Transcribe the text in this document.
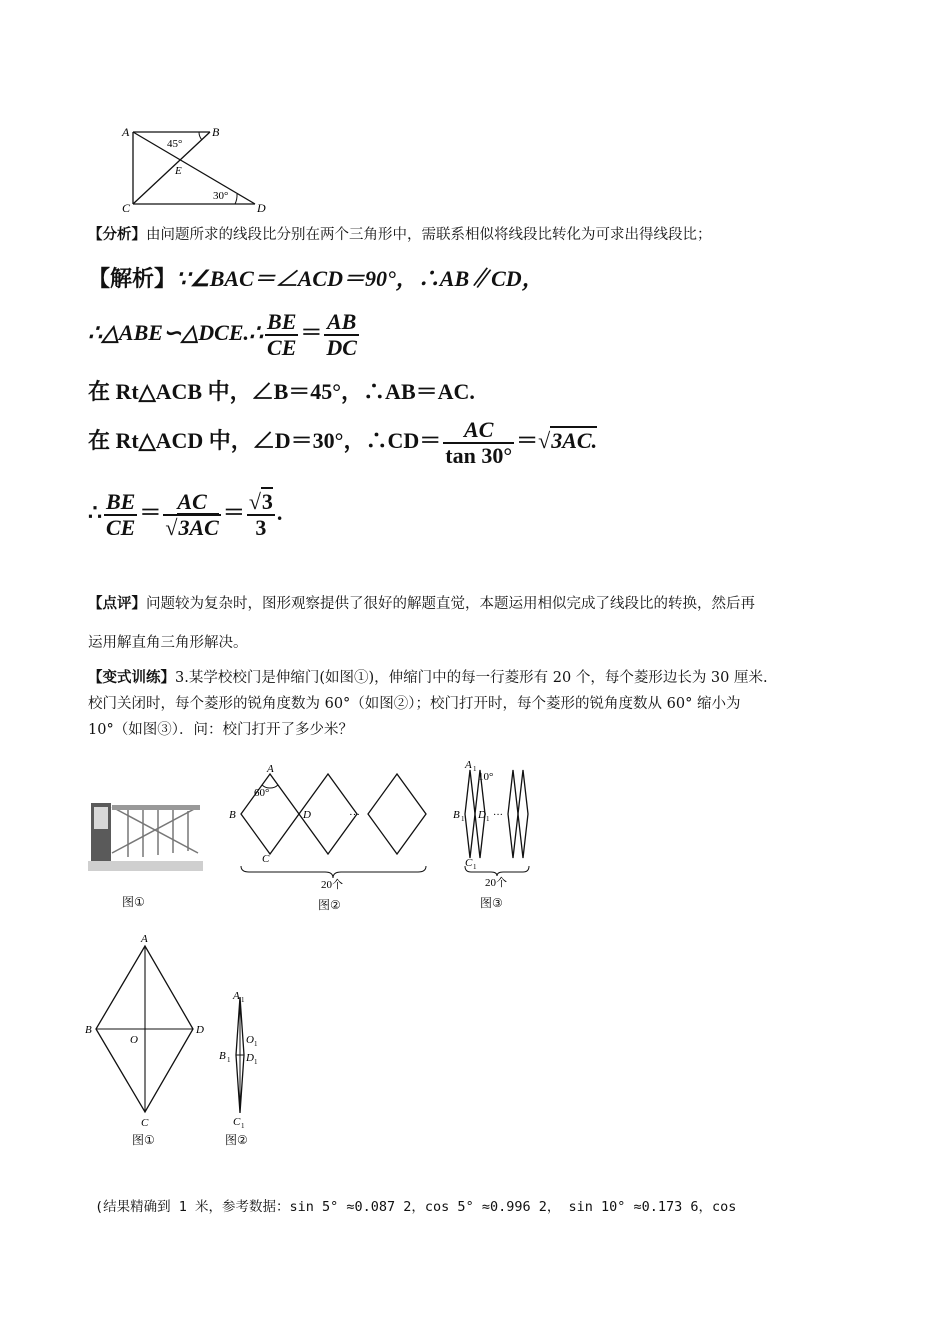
A	B
C	D
E
45°
30°
【分析】由问题所求的线段比分别在两个三角形中，需联系相似将线段比转化为可求出得线段比；
【解析】∵∠BAC＝∠ACD＝90°，∴AB∥CD，
∴△ABE∽△DCE.∴ $\frac{BE}{CE} = \frac{AB}{DC}$
在 Rt△ACB 中，∠B＝45°，∴AB＝AC.
在 Rt△ACD 中，∠D＝30°，∴CD＝ $\frac{AC}{\tan 30^\circ} =√3AC$.
∴ $\frac{BE}{CE} = \frac{AC}{√3AC} = \frac{√3}{3}$ .
【点评】问题较为复杂时，图形观察提供了很好的解题直觉，本题运用相似完成了线段比的转换，然后再
运用解直角三角形解决。
【变式训练】3.某学校校门是伸缩门(如图①)，伸缩门中的每一行菱形有 20 个，每个菱形边长为 30 厘米.
校门关闭时，每个菱形的锐角度数为 60°（如图②）；校门打开时，每个菱形的锐角度数从 60° 缩小为
10°（如图③）．问：校门打开了多少米？
图①
60°
A
B	D
C
···
20个
图②
A 1
10°
B 1 D 1 ···
C 1
20个
图③
A
B	D
O
C
图①
A 1
O 1
B 1 D 1
C 1
图②
(结果精确到 1 米，参考数据：sin 5° ≈0.087 2，cos 5° ≈0.996 2， sin 10° ≈0.173 6，cos
